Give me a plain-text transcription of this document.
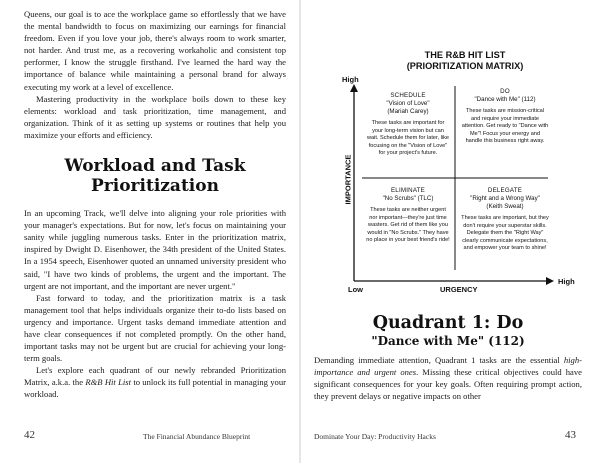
Queens, our goal is to ace the workplace game so effortlessly that we have the mental bandwidth to focus on maximizing our earnings for financial freedom. Even if you love your job, there's always room to work smarter, not harder. And trust me, as a recovering workaholic and consistent top performer, I know the struggle firsthand. I've learned the hard way the importance of balance while maintaining a personal brand for always executing my work at a level of excellence.

Mastering productivity in the workplace boils down to these key elements: workload and task prioritization, time management, and organization. Think of it as setting up systems or routines that help you maximize your efforts and efficiency.

Workload and Task Prioritization

In an upcoming Track, we'll delve into aligning your role priorities with your manager's expectations. But for now, let's focus on maintaining your sanity while juggling numerous tasks. Enter in the prioritization matrix, inspired by Dwight D. Eisenhower, the 34th president of the United States. In a 1954 speech, Eisenhower quoted an unnamed university president who said, "I have two kinds of problems, the urgent and the important. The urgent are not important, and the important are never urgent."

Fast forward to today, and the prioritization matrix is a task management tool that helps individuals organize their to-do lists based on urgency and importance. Urgent tasks demand immediate attention and have clear consequences if not completed promptly. On the other hand, important tasks may not be urgent but are crucial for achieving your long-term goals.

Let's explore each quadrant of our newly rebranded Prioritization Matrix, a.k.a. the R&B Hit List to unlock its full potential in managing your workload.

42	The Financial Abundance Blueprint
THE R&B HIT LIST
(PRIORITIZATION MATRIX)
High
IMPORTANCE
Low	URGENCY
High
SCHEDULE
"Vision of Love"
(Mariah Carey)
These tasks are important for your long-term vision but can wait. Schedule them for later, like focusing on the "Vision of Love" for your project's future.
DO
"Dance with Me" (112)
These tasks are mission-critical and require your immediate attention. Get ready to "Dance with Me"! Focus your energy and handle this business right away.
ELIMINATE
"No Scrubs" (TLC)
These tasks are neither urgent nor important—they're just time wasters. Get rid of them like you would in "No Scrubs." They have no place in your best friend's ride!
DELEGATE
"Right and a Wrong Way"
(Keith Sweat)
These tasks are important, but they don't require your superstar skills. Delegate them the "Right Way" clearly communicate expectations, and empower your team to shine!
Quadrant 1: Do
"Dance with Me" (112)

Demanding immediate attention, Quadrant 1 tasks are the essential high-importance and urgent ones. Missing these critical objectives could have significant consequences for your key goals. Often requiring prompt action, they prevent delays or negative impacts on other

Dominate Your Day: Productivity Hacks	43
